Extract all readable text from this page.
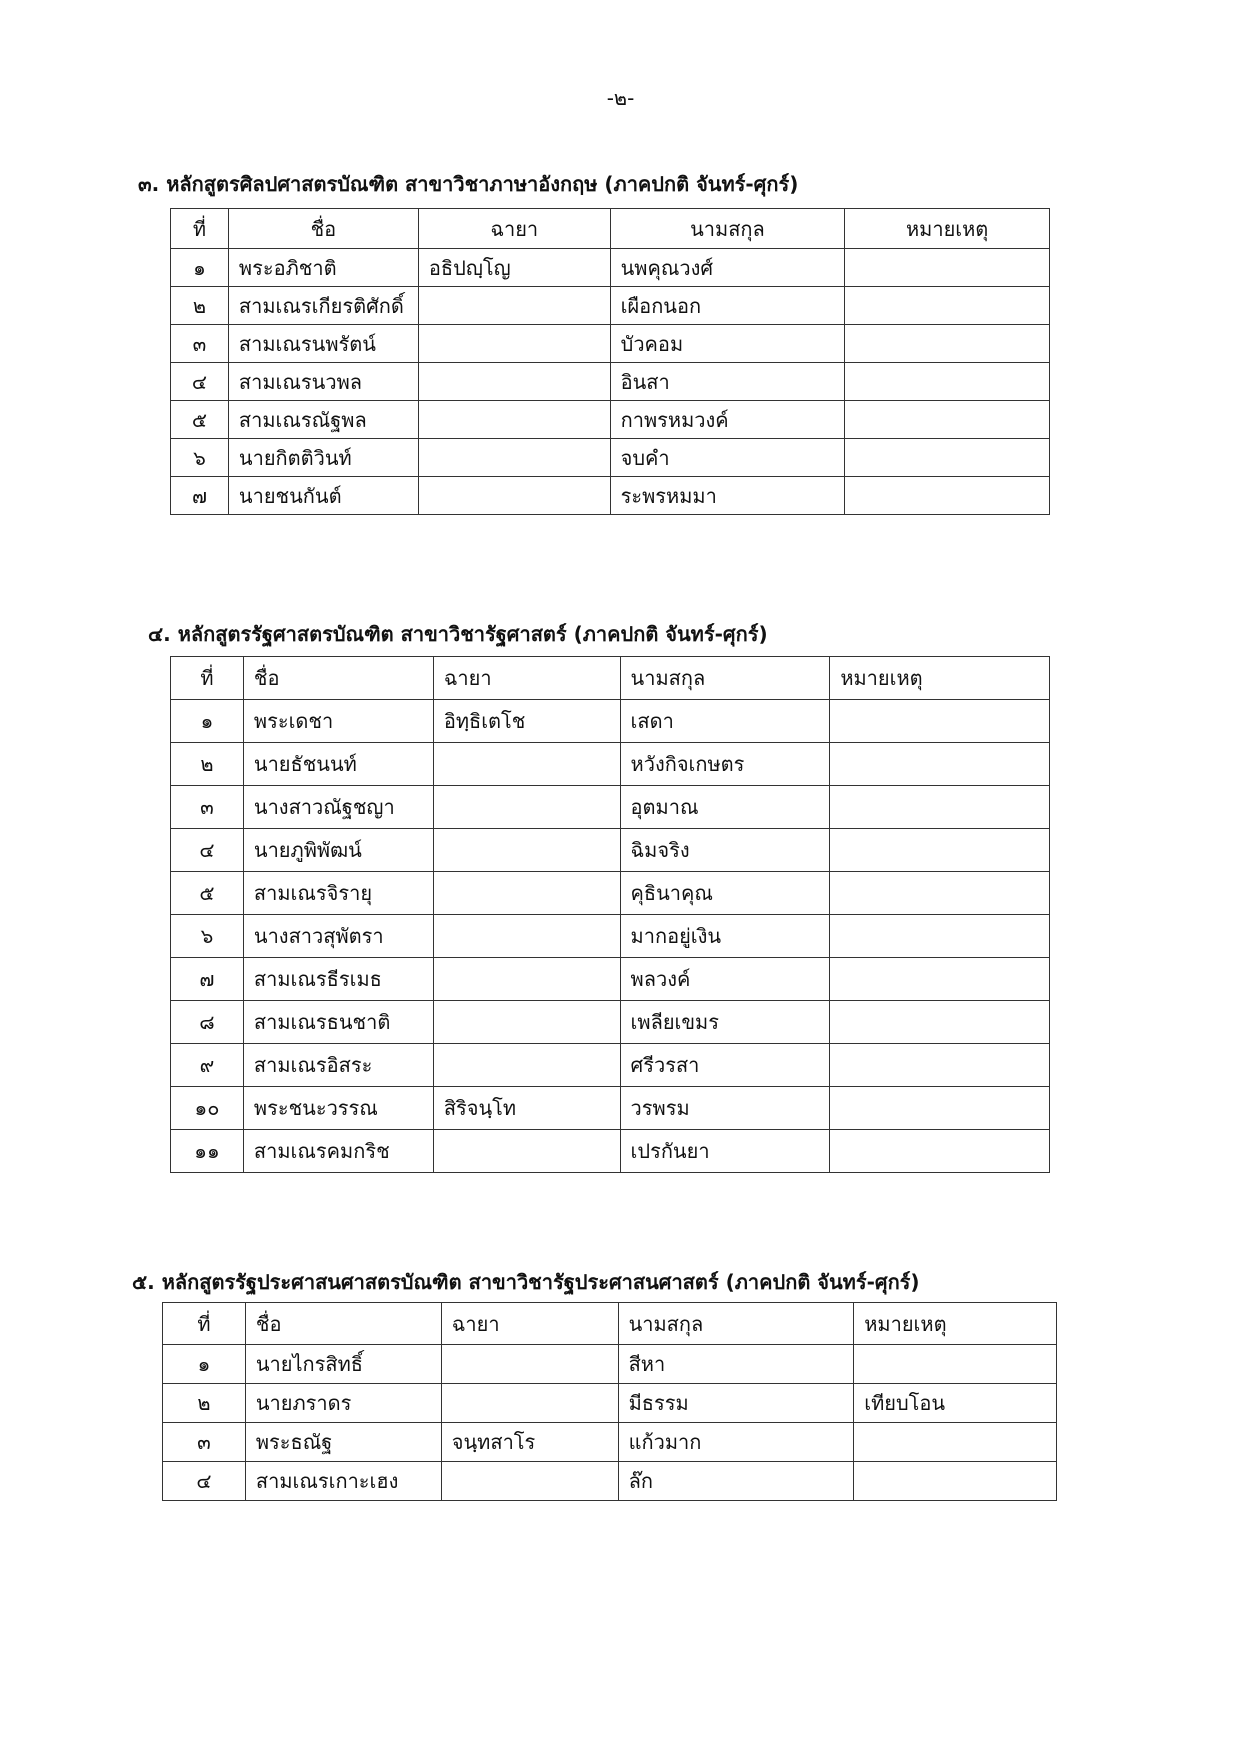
-๒-
๓. หลักสูตรศิลปศาสตรบัณฑิต สาขาวิชาภาษาอังกฤษ (ภาคปกติ จันทร์-ศุกร์)
ที่	ชื่อ	ฉายา	นามสกุล	หมายเหตุ
๑	พระอภิชาติ	อธิปญฺโญ	นพคุณวงศ์	
๒	สามเณรเกียรติศักดิ์		เผือกนอก	
๓	สามเณรนพรัตน์		บัวคอม	
๔	สามเณรนวพล		อินสา	
๕	สามเณรณัฐพล		กาพรหมวงค์	
๖	นายกิตติวินท์		จบคำ	
๗	นายชนกันต์		ระพรหมมา	
๔. หลักสูตรรัฐศาสตรบัณฑิต สาขาวิชารัฐศาสตร์ (ภาคปกติ จันทร์-ศุกร์)
ที่	ชื่อ	ฉายา	นามสกุล	หมายเหตุ
๑	พระเดชา	อิทฺธิเตโช	เสดา	
๒	นายธัชนนท์		หวังกิจเกษตร	
๓	นางสาวณัฐชญา		อุตมาณ	
๔	นายภูพิพัฒน์		ฉิมจริง	
๕	สามเณรจิรายุ		คุธินาคุณ	
๖	นางสาวสุพัตรา		มากอยู่เงิน	
๗	สามเณรธีรเมธ		พลวงค์	
๘	สามเณรธนชาติ		เพลียเขมร	
๙	สามเณรอิสระ		ศรีวรสา	
๑๐	พระชนะวรรณ	สิริจนฺโท	วรพรม	
๑๑	สามเณรคมกริช		เปรกันยา	
๕. หลักสูตรรัฐประศาสนศาสตรบัณฑิต สาขาวิชารัฐประศาสนศาสตร์ (ภาคปกติ จันทร์-ศุกร์)
ที่	ชื่อ	ฉายา	นามสกุล	หมายเหตุ
๑	นายไกรสิทธิ์		สีหา	
๒	นายภราดร		มีธรรม	เทียบโอน
๓	พระธณัฐ	จนฺทสาโร	แก้วมาก	
๔	สามเณรเกาะเฮง		ล๊ก	
